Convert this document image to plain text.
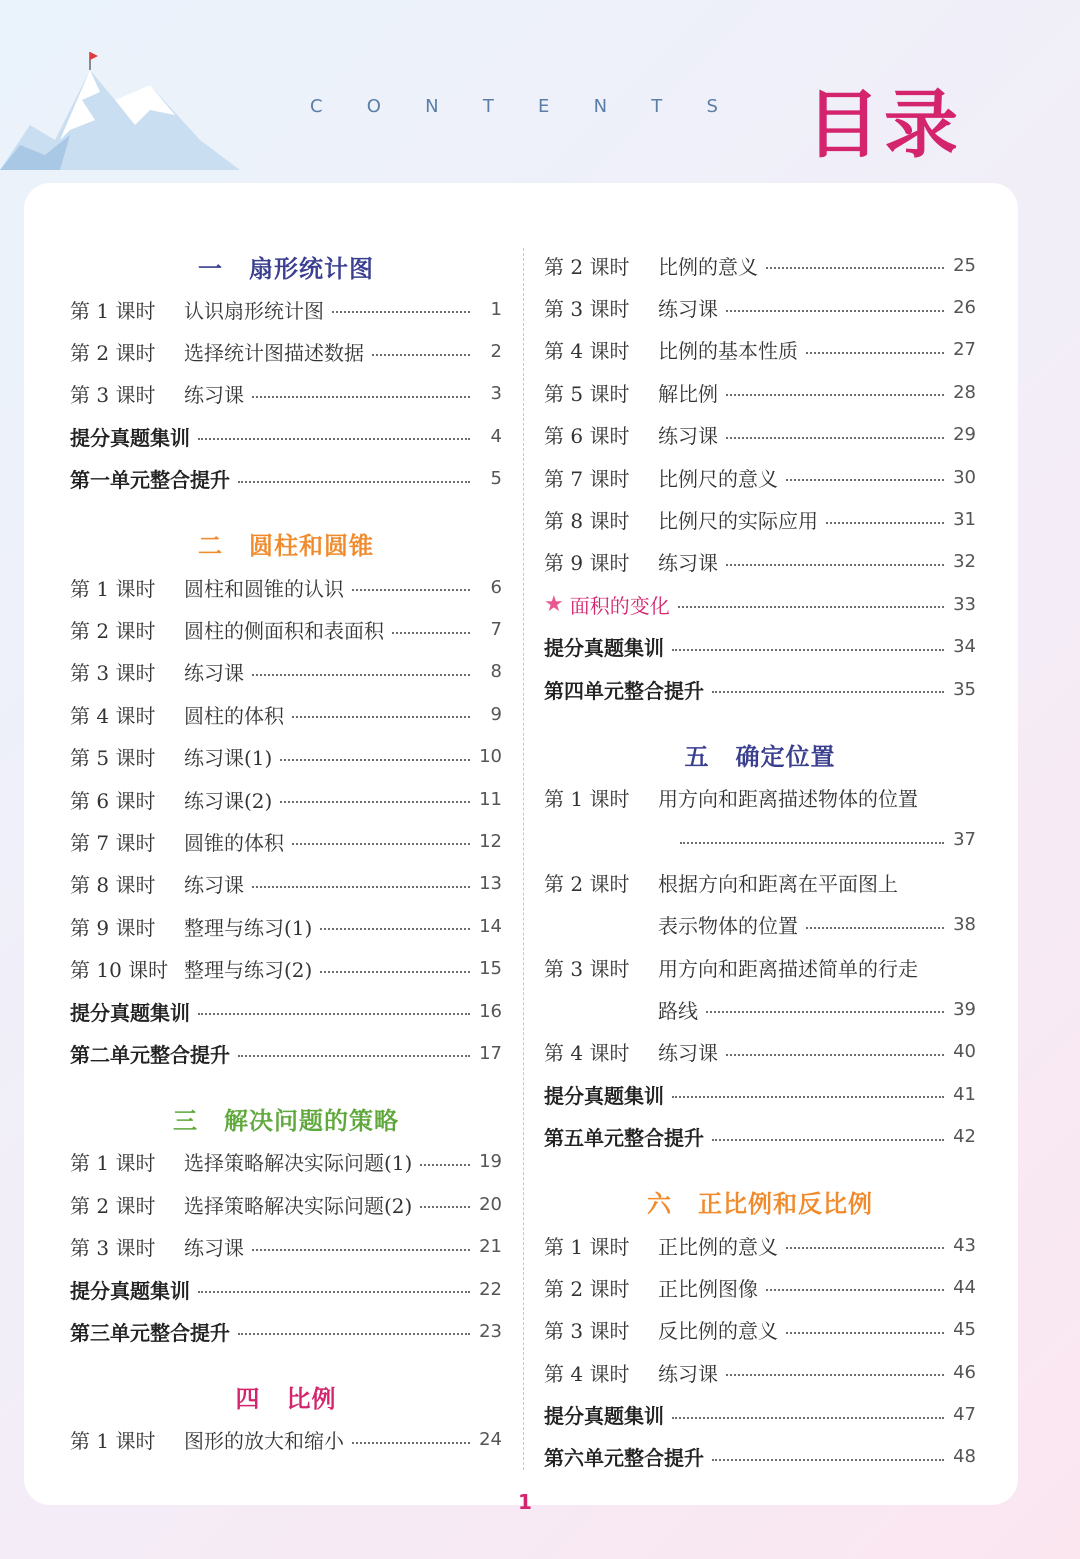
C O N T E N T S 目录
一 扇形统计图
第 1 课时	认识扇形统计图	1
第 2 课时	选择统计图描述数据	2
第 3 课时	练习课	3
提分真题集训	4
第一单元整合提升	5
二 圆柱和圆锥
第 1 课时	圆柱和圆锥的认识	6
第 2 课时	圆柱的侧面积和表面积	7
第 3 课时	练习课	8
第 4 课时	圆柱的体积	9
第 5 课时	练习课(1)	10
第 6 课时	练习课(2)	11
第 7 课时	圆锥的体积	12
第 8 课时	练习课	13
第 9 课时	整理与练习(1)	14
第 10 课时 整理与练习(2)	15
提分真题集训	16
第二单元整合提升	17
三 解决问题的策略
第 1 课时	选择策略解决实际问题(1)	19
第 2 课时	选择策略解决实际问题(2)	20
第 3 课时	练习课	21
提分真题集训	22
第三单元整合提升	23
四 比例
第 1 课时	图形的放大和缩小	24
第 2 课时	比例的意义	25
第 3 课时	练习课	26
第 4 课时	比例的基本性质	27
第 5 课时	解比例	28
第 6 课时	练习课	29
第 7 课时	比例尺的意义	30
第 8 课时	比例尺的实际应用	31
第 9 课时	练习课	32
★ 面积的变化	33
提分真题集训	34
第四单元整合提升	35
五 确定位置
第 1 课时	用方向和距离描述物体的位置
37
第 2 课时	根据方向和距离在平面图上
表示物体的位置	38
第 3 课时	用方向和距离描述简单的行走
路线	39
第 4 课时	练习课	40
提分真题集训	41
第五单元整合提升	42
六 正比例和反比例
第 1 课时	正比例的意义	43
第 2 课时	正比例图像	44
第 3 课时	反比例的意义	45
第 4 课时	练习课	46
提分真题集训	47
第六单元整合提升	48
1
